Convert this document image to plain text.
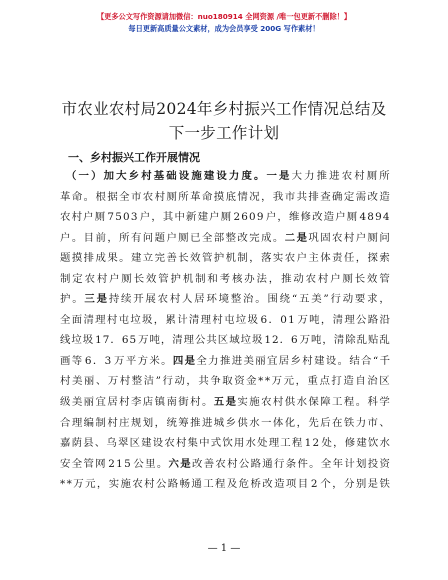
【更多公文写作资源请加微信：nuo180914 全网资源 /唯一包更新不删除！】
每日更新高质量公文素材，成为会员享受 200G 写作素材！
市农业农村局2024年乡村振兴工作情况总结及
下一步工作计划
一、乡村振兴工作开展情况
（ 一 ） 加 大 乡 村 基 础 设 施 建 设 力 度 。 一 是 大 力 推 进 农 村 厕 所
革 命 。 根 据 全 市 农 村 厕 所 革 命 摸 底 情 况 ， 我 市 共 排 查 确 定 需 改 造
农 村 户 厕 7 5 0 3 户 ， 其 中 新 建 户 厕 2 6 0 9 户 ， 维 修 改 造 户 厕 4 8 9 4
户 。 目 前 ， 所 有 问 题 户 厕 已 全 部 整 改 完 成 。 二 是 巩 固 农 村 户 厕 问
题 摸 排 成 果 。 建 立 完 善 长 效 管 护 机 制 ， 落 实 农 户 主 体 责 任 ， 探 索
制 定 农 村 户 厕 长 效 管 护 机 制 和 考 核 办 法 ， 推 动 农 村 户 厕 长 效 管
护 。 三 是 持 续 开 展 农 村 人 居 环 境 整 治 。 围 绕 “ 五 美 ” 行 动 要 求 ，
全 面 清 理 村 屯 垃 圾 ， 累 计 清 理 村 屯 垃 圾 6 ． 0 1 万 吨 ， 清 理 公 路 沿
线 垃 圾 1 7 ． 6 5 万 吨 ， 清 理 公 共 区 域 垃 圾 1 2 ． 6 万 吨 ， 清 除 乱 贴 乱
画 等 6 ． 3 万 平 方 米 。 四 是 全 力 推 进 美 丽 宜 居 乡 村 建 设 。 结 合 “ 千
村 美 丽 、 万 村 整 洁 ” 行 动 ， 共 争 取 资 金 * * 万 元 ， 重 点 打 造 自 治 区
级 美 丽 宜 居 村 李 店 镇 南 街 村 。 五 是 实 施 农 村 供 水 保 障 工 程 。 科 学
合 理 编 制 村 庄 规 划 ， 统 筹 推 进 城 乡 供 水 一 体 化 ， 先 后 在 铁 力 市 、
嘉 荫 县 、 乌 翠 区 建 设 农 村 集 中 式 饮 用 水 处 理 工 程 1 2 处 ， 修 建 饮 水
安 全 管 网 2 1 5 公 里 。 六 是 改 善 农 村 公 路 通 行 条 件 。 全 年 计 划 投 资
* * 万 元 ， 实 施 农 村 公 路 畅 通 工 程 及 危 桥 改 造 项 目 2 个 ， 分 别 是 铁
— 1 —
